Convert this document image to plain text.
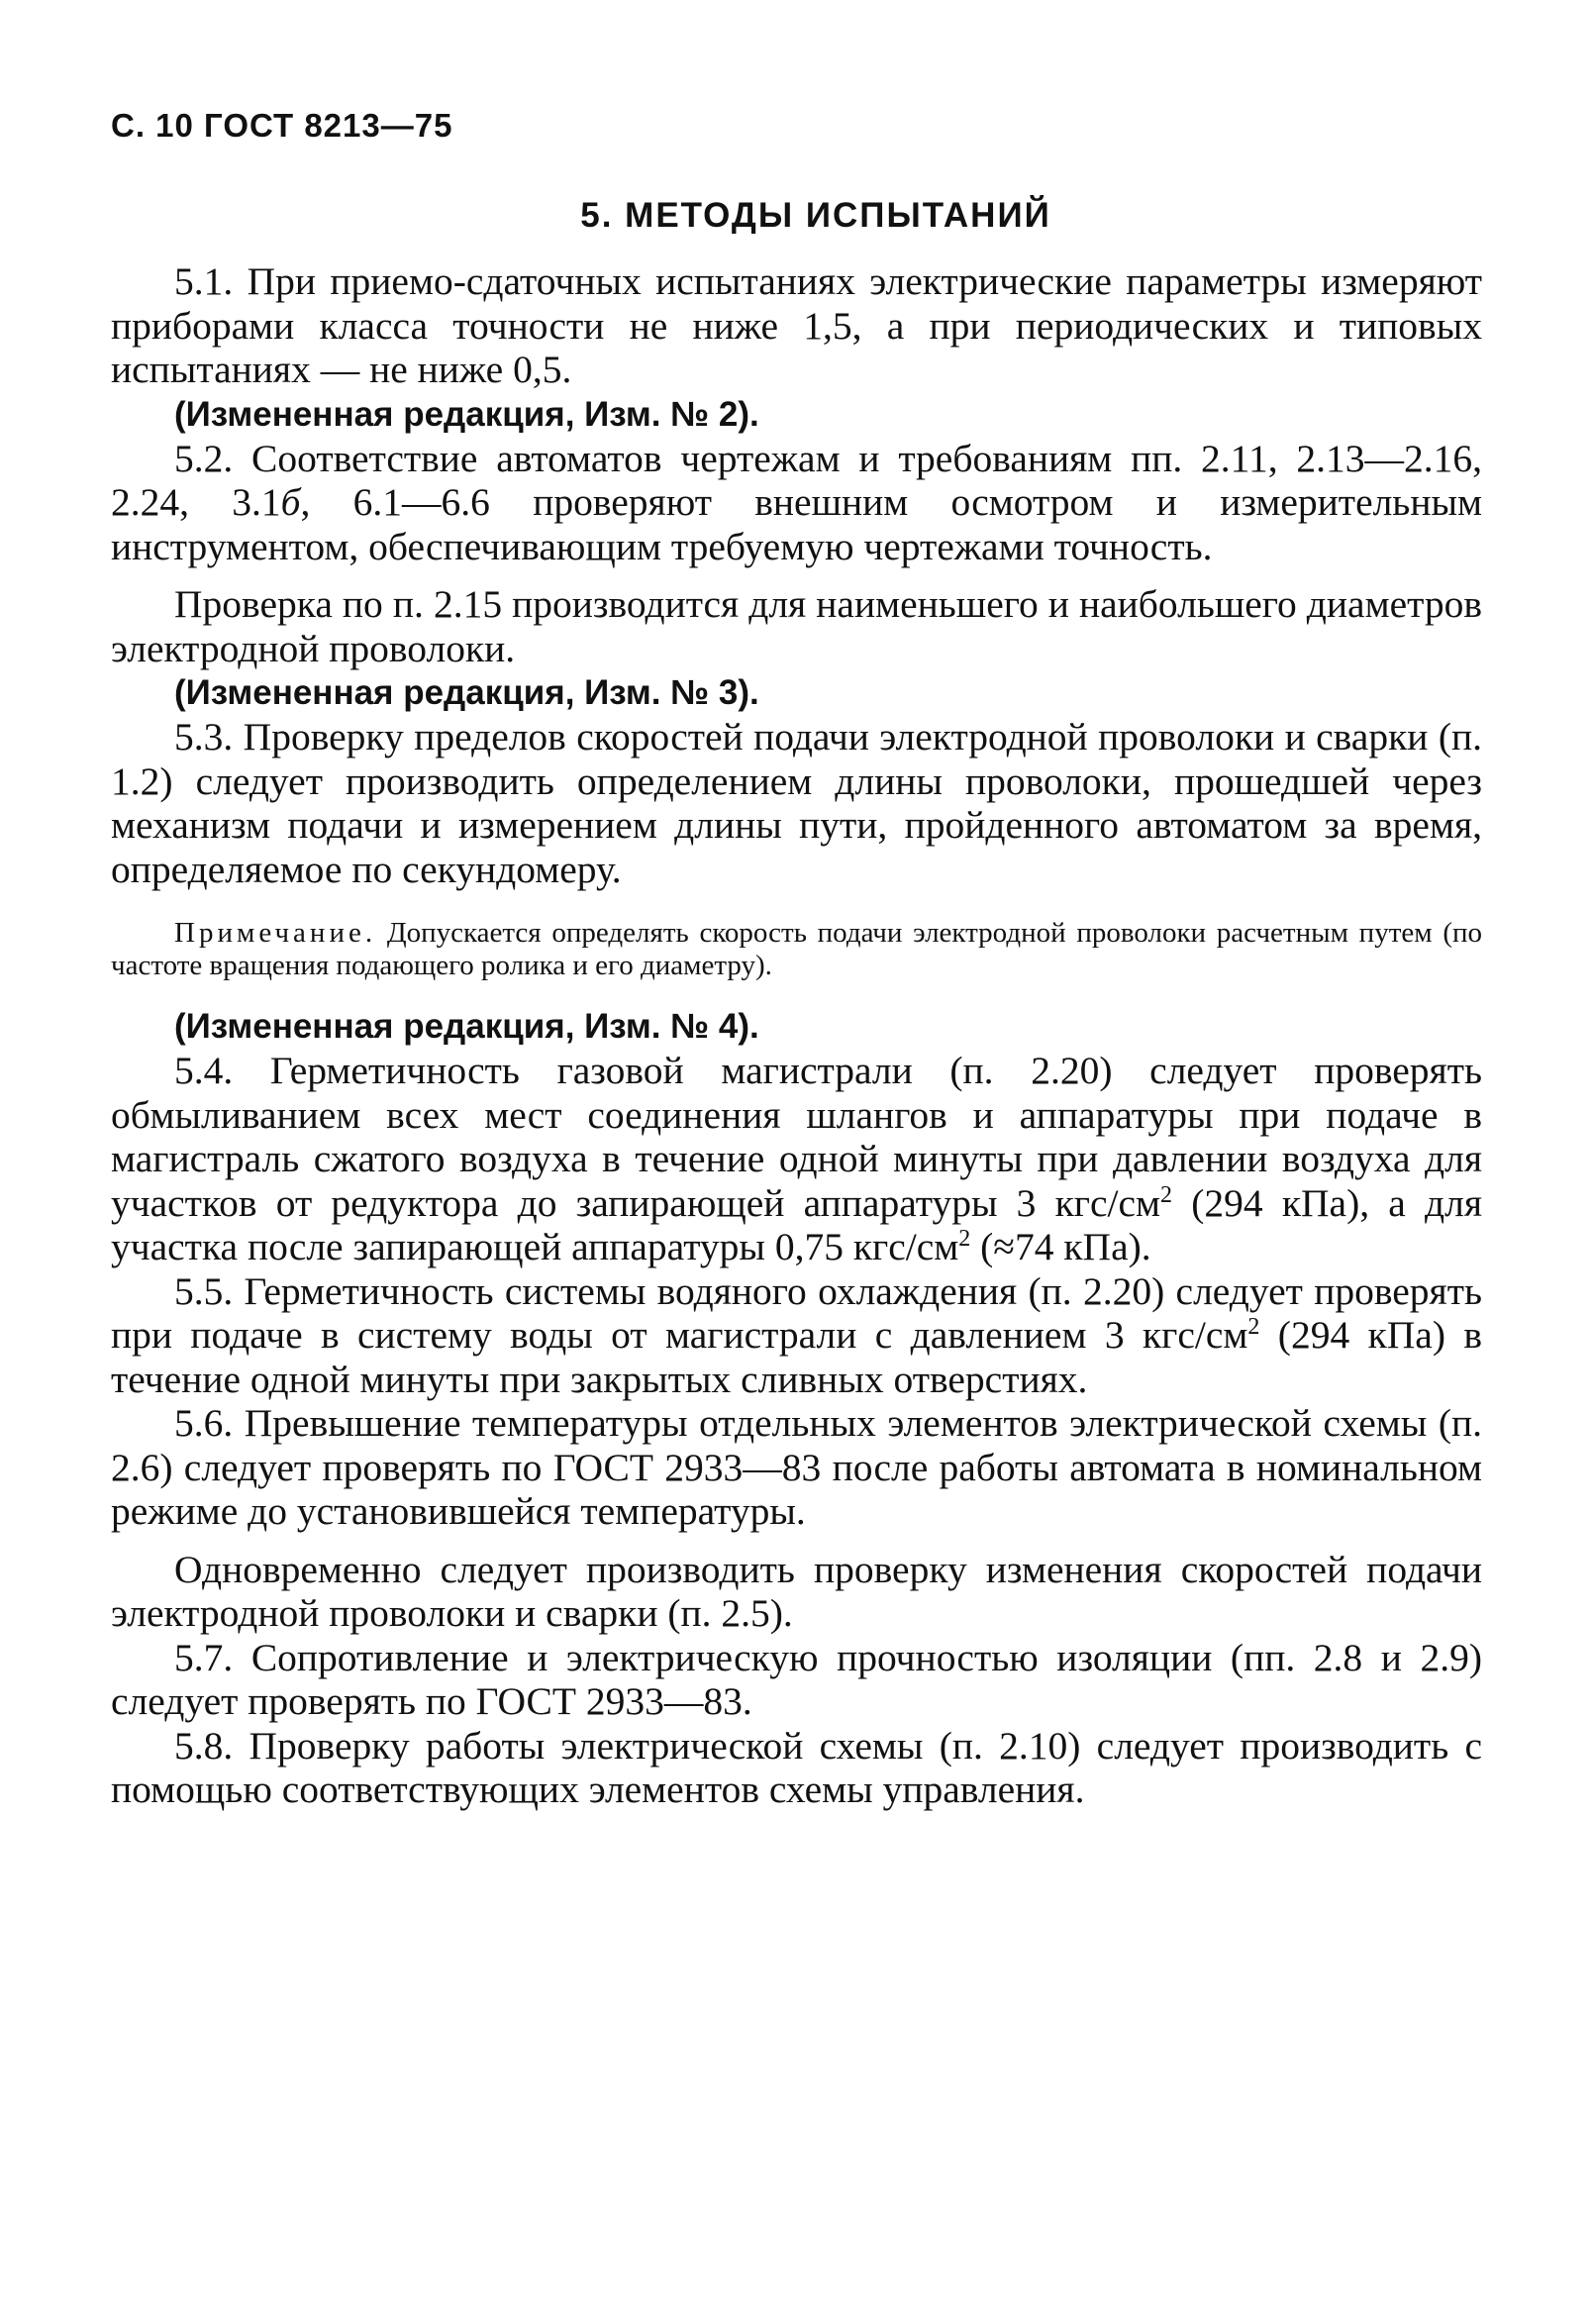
С. 10 ГОСТ 8213—75
5. МЕТОДЫ ИСПЫТАНИЙ

5.1. При приемо-сдаточных испытаниях электрические параметры измеряют приборами класса точности не ниже 1,5, а при периодических и типовых испытаниях — не ниже 0,5.

(Измененная редакция, Изм. № 2).

5.2. Соответствие автоматов чертежам и требованиям пп. 2.11, 2.13—2.16, 2.24, 3.1б, 6.1—6.6 проверяют внешним осмотром и измерительным инструментом, обеспечивающим требуемую чертежами точность.

Проверка по п. 2.15 производится для наименьшего и наибольшего диаметров электродной проволоки.

(Измененная редакция, Изм. № 3).

5.3. Проверку пределов скоростей подачи электродной проволоки и сварки (п. 1.2) следует производить определением длины проволоки, прошедшей через механизм подачи и измерением длины пути, пройденного автоматом за время, определяемое по секундомеру.

Примечание. Допускается определять скорость подачи электродной проволоки расчетным путем (по частоте вращения подающего ролика и его диаметру).

(Измененная редакция, Изм. № 4).

5.4. Герметичность газовой магистрали (п. 2.20) следует проверять обмыливанием всех мест соединения шлангов и аппаратуры при подаче в магистраль сжатого воздуха в течение одной минуты при давлении воздуха для участков от редуктора до запирающей аппаратуры 3 кгс/$см^2$ (294 кПа), а для участка после запирающей аппаратуры 0,75 кгс/$см^2$ (≈74 кПа).

5.5. Герметичность системы водяного охлаждения (п. 2.20) следует проверять при подаче в систему воды от магистрали с давлением 3 кгс/$см^2$ (294 кПа) в течение одной минуты при закрытых сливных отверстиях.

5.6. Превышение температуры отдельных элементов электрической схемы (п. 2.6) следует проверять по ГОСТ 2933—83 после работы автомата в номинальном режиме до установившейся температуры.

Одновременно следует производить проверку изменения скоростей подачи электродной проволоки и сварки (п. 2.5).

5.7. Сопротивление и электрическую прочностью изоляции (пп. 2.8 и 2.9) следует проверять по ГОСТ 2933—83.

5.8. Проверку работы электрической схемы (п. 2.10) следует производить с помощью соответствующих элементов схемы управления.
